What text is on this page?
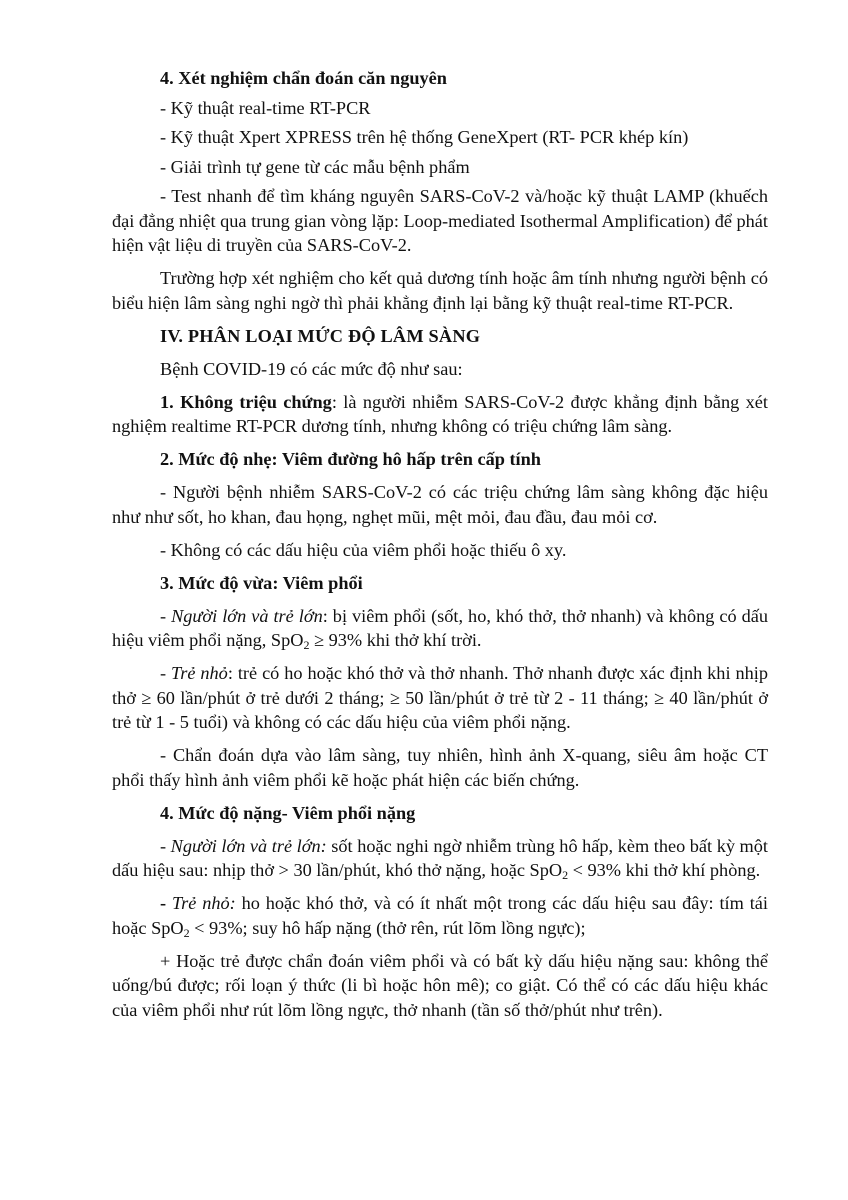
4. Xét nghiệm chẩn đoán căn nguyên

- Kỹ thuật real-time RT-PCR

- Kỹ thuật Xpert XPRESS trên hệ thống GeneXpert (RT- PCR khép kín)

- Giải trình tự gene từ các mẫu bệnh phẩm

- Test nhanh để tìm kháng nguyên SARS-CoV-2 và/hoặc kỹ thuật LAMP (khuếch đại đẳng nhiệt qua trung gian vòng lặp: Loop-mediated Isothermal Amplification) để phát hiện vật liệu di truyền của SARS-CoV-2.

Trường hợp xét nghiệm cho kết quả dương tính hoặc âm tính nhưng người bệnh có biểu hiện lâm sàng nghi ngờ thì phải khẳng định lại bằng kỹ thuật real-time RT-PCR.

IV. PHÂN LOẠI MỨC ĐỘ LÂM SÀNG

Bệnh COVID-19 có các mức độ như sau:

1. Không triệu chứng: là người nhiễm SARS-CoV-2 được khẳng định bằng xét nghiệm realtime RT-PCR dương tính, nhưng không có triệu chứng lâm sàng.

2. Mức độ nhẹ: Viêm đường hô hấp trên cấp tính

- Người bệnh nhiễm SARS-CoV-2 có các triệu chứng lâm sàng không đặc hiệu như như sốt, ho khan, đau họng, nghẹt mũi, mệt mỏi, đau đầu, đau mỏi cơ.

- Không có các dấu hiệu của viêm phổi hoặc thiếu ô xy.

3. Mức độ vừa: Viêm phổi

- Người lớn và trẻ lớn: bị viêm phổi (sốt, ho, khó thở, thở nhanh) và không có dấu hiệu viêm phổi nặng, SpO$_2$ ≥ 93% khi thở khí trời.

- Trẻ nhỏ: trẻ có ho hoặc khó thở và thở nhanh. Thở nhanh được xác định khi nhịp thở ≥ 60 lần/phút ở trẻ dưới 2 tháng; ≥ 50 lần/phút ở trẻ từ 2 - 11 tháng; ≥ 40 lần/phút ở trẻ từ 1 - 5 tuổi) và không có các dấu hiệu của viêm phổi nặng.

- Chẩn đoán dựa vào lâm sàng, tuy nhiên, hình ảnh X-quang, siêu âm hoặc CT phổi thấy hình ảnh viêm phổi kẽ hoặc phát hiện các biến chứng.

4. Mức độ nặng- Viêm phổi nặng

- Người lớn và trẻ lớn: sốt hoặc nghi ngờ nhiễm trùng hô hấp, kèm theo bất kỳ một dấu hiệu sau: nhịp thở > 30 lần/phút, khó thở nặng, hoặc SpO$_2$ < 93% khi thở khí phòng.

- Trẻ nhỏ: ho hoặc khó thở, và có ít nhất một trong các dấu hiệu sau đây: tím tái hoặc SpO$_2$ < 93%; suy hô hấp nặng (thở rên, rút lõm lồng ngực);

+ Hoặc trẻ được chẩn đoán viêm phổi và có bất kỳ dấu hiệu nặng sau: không thể uống/bú được; rối loạn ý thức (li bì hoặc hôn mê); co giật. Có thể có các dấu hiệu khác của viêm phổi như rút lõm lồng ngực, thở nhanh (tần số thở/phút như trên).
